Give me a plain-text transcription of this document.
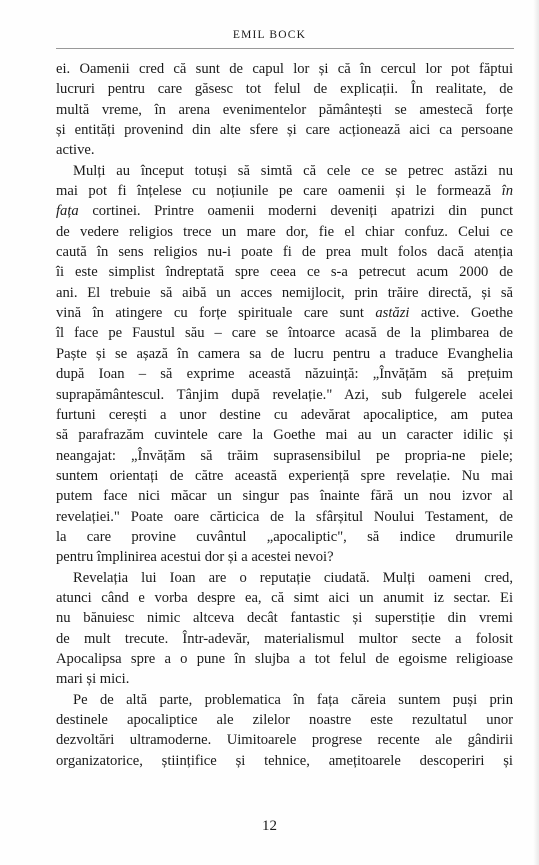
EMIL BOCK
ei. Oamenii cred că sunt de capul lor și că în cercul lor pot făptui
lucruri pentru care găsesc tot felul de explicații. În realitate, de
multă vreme, în arena evenimentelor pământești se amestecă forțe
și entități provenind din alte sfere și care acționează aici ca persoane
active.
Mulți au început totuși să simtă că cele ce se petrec astăzi nu
mai pot fi înțelese cu noțiunile pe care oamenii și le formează în
fața cortinei. Printre oamenii moderni deveniți apatrizi din punct
de vedere religios trece un mare dor, fie el chiar confuz. Celui ce
caută în sens religios nu-i poate fi de prea mult folos dacă atenția
îi este simplist îndreptată spre ceea ce s-a petrecut acum 2000 de
ani. El trebuie să aibă un acces nemijlocit, prin trăire directă, și să
vină în atingere cu forțe spirituale care sunt astăzi active. Goethe
îl face pe Faustul său – care se întoarce acasă de la plimbarea de
Paște și se așază în camera sa de lucru pentru a traduce Evanghelia
după Ioan – să exprime această năzuință: „Învățăm să prețuim
suprapământescul. Tânjim după revelație." Azi, sub fulgerele acelei
furtuni cerești a unor destine cu adevărat apocaliptice, am putea
să parafrazăm cuvintele care la Goethe mai au un caracter idilic și
neangajat: „Învățăm să trăim suprasensibilul pe propria-ne piele;
suntem orientați de către această experiență spre revelație. Nu mai
putem face nici măcar un singur pas înainte fără un nou izvor al
revelației." Poate oare cărticica de la sfârșitul Noului Testament, de
la care provine cuvântul „apocaliptic", să indice drumurile
pentru împlinirea acestui dor și a acestei nevoi?
Revelația lui Ioan are o reputație ciudată. Mulți oameni cred,
atunci când e vorba despre ea, că simt aici un anumit iz sectar. Ei
nu bănuiesc nimic altceva decât fantastic și superstiție din vremi
de mult trecute. Într-adevăr, materialismul multor secte a folosit
Apocalipsa spre a o pune în slujba a tot felul de egoisme religioase
mari și mici.
Pe de altă parte, problematica în fața căreia suntem puși prin
destinele apocaliptice ale zilelor noastre este rezultatul unor
dezvoltări ultramoderne. Uimitoarele progrese recente ale gândirii
organizatorice, științifice și tehnice, amețitoarele descoperiri și
12
